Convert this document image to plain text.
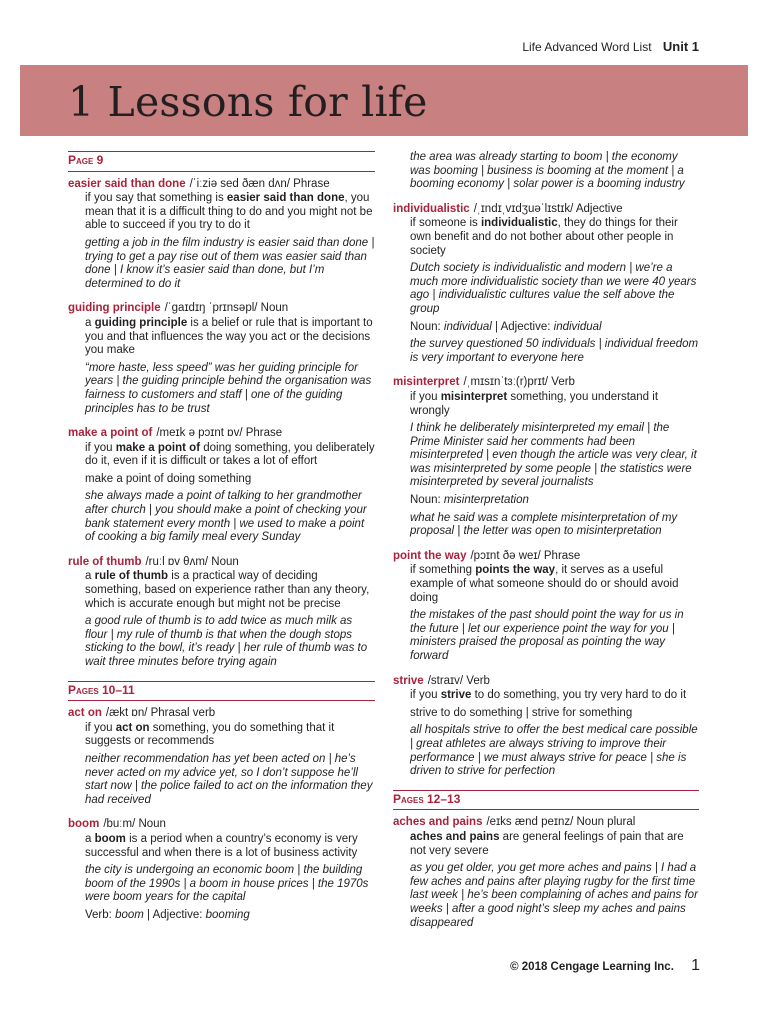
Life Advanced Word List Unit 1
1 Lessons for life
Page 9
easier said than done /ˈiːziə sed ðæn dʌn/ Phrase
if you say that something is easier said than done, you mean that it is a difficult thing to do and you might not be able to succeed if you try to do it
getting a job in the film industry is easier said than done | trying to get a pay rise out of them was easier said than done | I know it’s easier said than done, but I’m determined to do it
guiding principle /ˈɡaɪdɪŋ ˈprɪnsəpl/ Noun
a guiding principle is a belief or rule that is important to you and that influences the way you act or the decisions you make
“more haste, less speed” was her guiding principle for years | the guiding principle behind the organisation was fairness to customers and staff | one of the guiding principles has to be trust
make a point of /meɪk ə pɔɪnt ɒv/ Phrase
if you make a point of doing something, you deliberately do it, even if it is difficult or takes a lot of effort
make a point of doing something
she always made a point of talking to her grandmother after church | you should make a point of checking your bank statement every month | we used to make a point of cooking a big family meal every Sunday
rule of thumb /ruːl ɒv θʌm/ Noun
a rule of thumb is a practical way of deciding something, based on experience rather than any theory, which is accurate enough but might not be precise
a good rule of thumb is to add twice as much milk as flour | my rule of thumb is that when the dough stops sticking to the bowl, it’s ready | her rule of thumb was to wait three minutes before trying again
Pages 10–11
act on /ækt ɒn/ Phrasal verb
if you act on something, you do something that it suggests or recommends
neither recommendation has yet been acted on | he’s never acted on my advice yet, so I don’t suppose he’ll start now | the police failed to act on the information they had received
boom /buːm/ Noun
a boom is a period when a country’s economy is very successful and when there is a lot of business activity
the city is undergoing an economic boom | the building boom of the 1990s | a boom in house prices | the 1970s were boom years for the capital
Verb: boom | Adjective: booming
the area was already starting to boom | the economy was booming | business is booming at the moment | a booming economy | solar power is a booming industry
individualistic /ˌɪndɪˌvɪdʒuəˈlɪstɪk/ Adjective
if someone is individualistic, they do things for their own benefit and do not bother about other people in society
Dutch society is individualistic and modern | we’re a much more individualistic society than we were 40 years ago | individualistic cultures value the self above the group
Noun: individual | Adjective: individual
the survey questioned 50 individuals | individual freedom is very important to everyone here
misinterpret /ˌmɪsɪnˈtɜː(r)prɪt/ Verb
if you misinterpret something, you understand it wrongly
I think he deliberately misinterpreted my email | the Prime Minister said her comments had been misinterpreted | even though the article was very clear, it was misinterpreted by some people | the statistics were misinterpreted by several journalists
Noun: misinterpretation
what he said was a complete misinterpretation of my proposal | the letter was open to misinterpretation
point the way /pɔɪnt ðə weɪ/ Phrase
if something points the way, it serves as a useful example of what someone should do or should avoid doing
the mistakes of the past should point the way for us in the future | let our experience point the way for you | ministers praised the proposal as pointing the way forward
strive /straɪv/ Verb
if you strive to do something, you try very hard to do it
strive to do something | strive for something
all hospitals strive to offer the best medical care possible | great athletes are always striving to improve their performance | we must always strive for peace | she is driven to strive for perfection
Pages 12–13
aches and pains /eɪks ænd peɪnz/ Noun plural
aches and pains are general feelings of pain that are not very severe
as you get older, you get more aches and pains | I had a few aches and pains after playing rugby for the first time last week | he’s been complaining of aches and pains for weeks | after a good night’s sleep my aches and pains disappeared
© 2018 Cengage Learning Inc. 1
